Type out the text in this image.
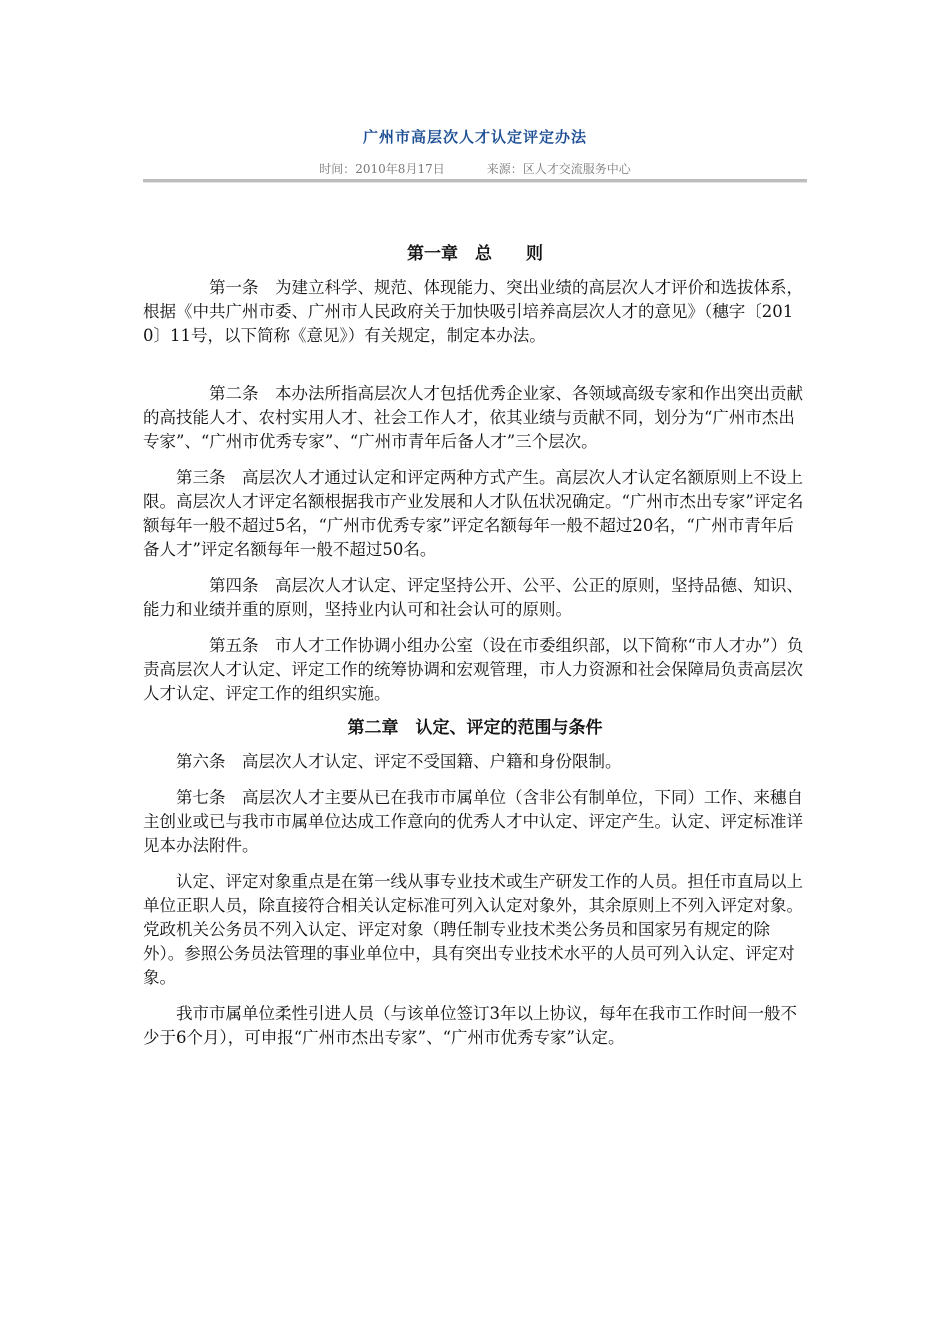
广州市高层次人才认定评定办法
时间：2010年8月17日	来源：区人才交流服务中心
第一章　总　　则

第一条　为建立科学、规范、体现能力、突出业绩的高层次人才评价和选拔体系，根据《中共广州市委、广州市人民政府关于加快吸引培养高层次人才的意见》（穗字〔2010〕11号，以下简称《意见》）有关规定，制定本办法。

第二条　本办法所指高层次人才包括优秀企业家、各领域高级专家和作出突出贡献的高技能人才、农村实用人才、社会工作人才，依其业绩与贡献不同，划分为“广州市杰出专家”、“广州市优秀专家”、“广州市青年后备人才”三个层次。

第三条　高层次人才通过认定和评定两种方式产生。高层次人才认定名额原则上不设上限。高层次人才评定名额根据我市产业发展和人才队伍状况确定。“广州市杰出专家”评定名额每年一般不超过5名，“广州市优秀专家”评定名额每年一般不超过20名，“广州市青年后备人才”评定名额每年一般不超过50名。

第四条　高层次人才认定、评定坚持公开、公平、公正的原则，坚持品德、知识、能力和业绩并重的原则，坚持业内认可和社会认可的原则。

第五条　市人才工作协调小组办公室（设在市委组织部，以下简称“市人才办”）负责高层次人才认定、评定工作的统筹协调和宏观管理，市人力资源和社会保障局负责高层次人才认定、评定工作的组织实施。

第二章　认定、评定的范围与条件

第六条　高层次人才认定、评定不受国籍、户籍和身份限制。

第七条　高层次人才主要从已在我市市属单位（含非公有制单位，下同）工作、来穗自主创业或已与我市市属单位达成工作意向的优秀人才中认定、评定产生。认定、评定标准详见本办法附件。

认定、评定对象重点是在第一线从事专业技术或生产研发工作的人员。担任市直局以上单位正职人员，除直接符合相关认定标准可列入认定对象外，其余原则上不列入评定对象。党政机关公务员不列入认定、评定对象（聘任制专业技术类公务员和国家另有规定的除外）。参照公务员法管理的事业单位中，具有突出专业技术水平的人员可列入认定、评定对象。

我市市属单位柔性引进人员（与该单位签订3年以上协议，每年在我市工作时间一般不少于6个月），可申报“广州市杰出专家”、“广州市优秀专家”认定。
